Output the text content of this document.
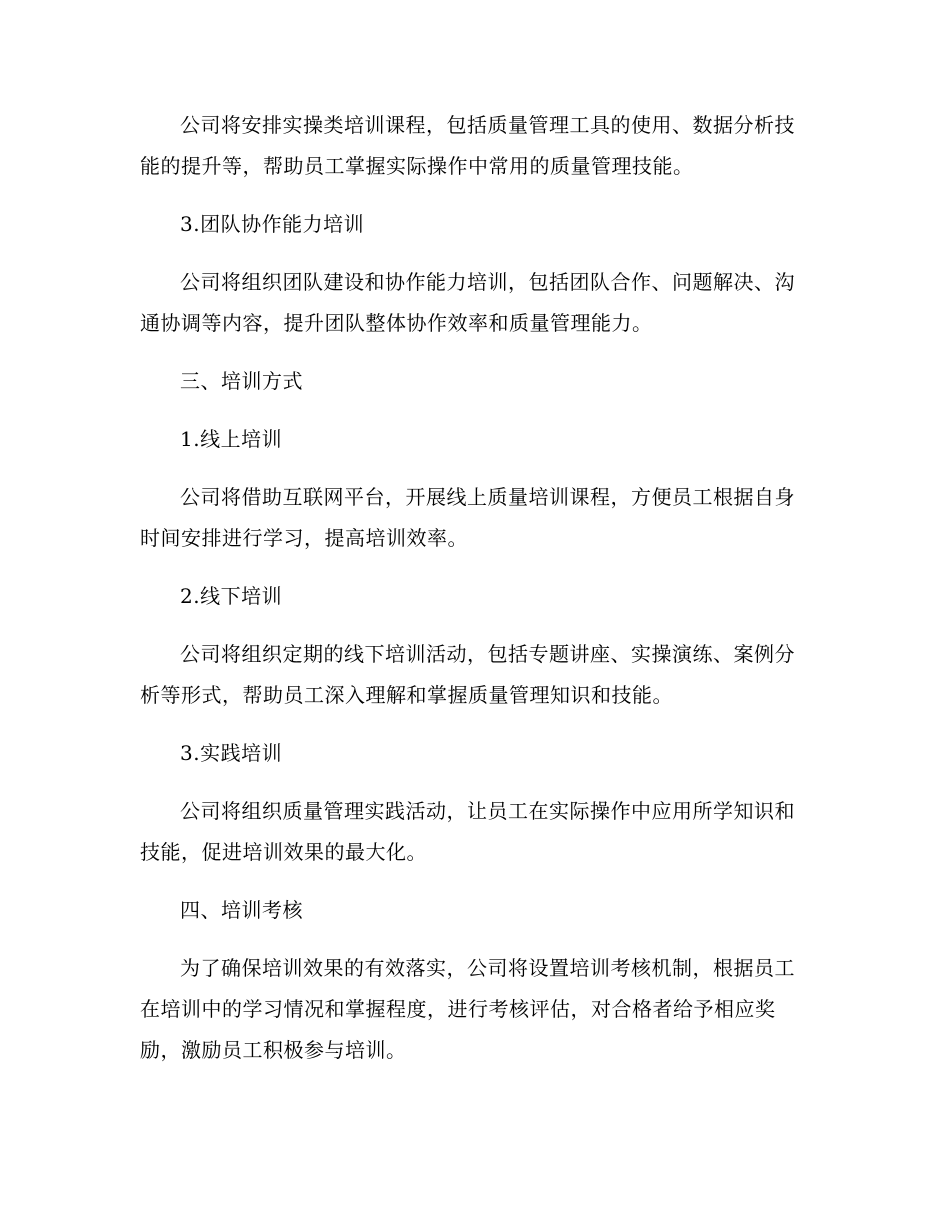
公司将安排实操类培训课程，包括质量管理工具的使用、数据分析技能的提升等，帮助员工掌握实际操作中常用的质量管理技能。

3.团队协作能力培训

公司将组织团队建设和协作能力培训，包括团队合作、问题解决、沟通协调等内容，提升团队整体协作效率和质量管理能力。

三、培训方式

1.线上培训

公司将借助互联网平台，开展线上质量培训课程，方便员工根据自身时间安排进行学习，提高培训效率。

2.线下培训

公司将组织定期的线下培训活动，包括专题讲座、实操演练、案例分析等形式，帮助员工深入理解和掌握质量管理知识和技能。

3.实践培训

公司将组织质量管理实践活动，让员工在实际操作中应用所学知识和技能，促进培训效果的最大化。

四、培训考核

为了确保培训效果的有效落实，公司将设置培训考核机制，根据员工在培训中的学习情况和掌握程度，进行考核评估，对合格者给予相应奖励，激励员工积极参与培训。
